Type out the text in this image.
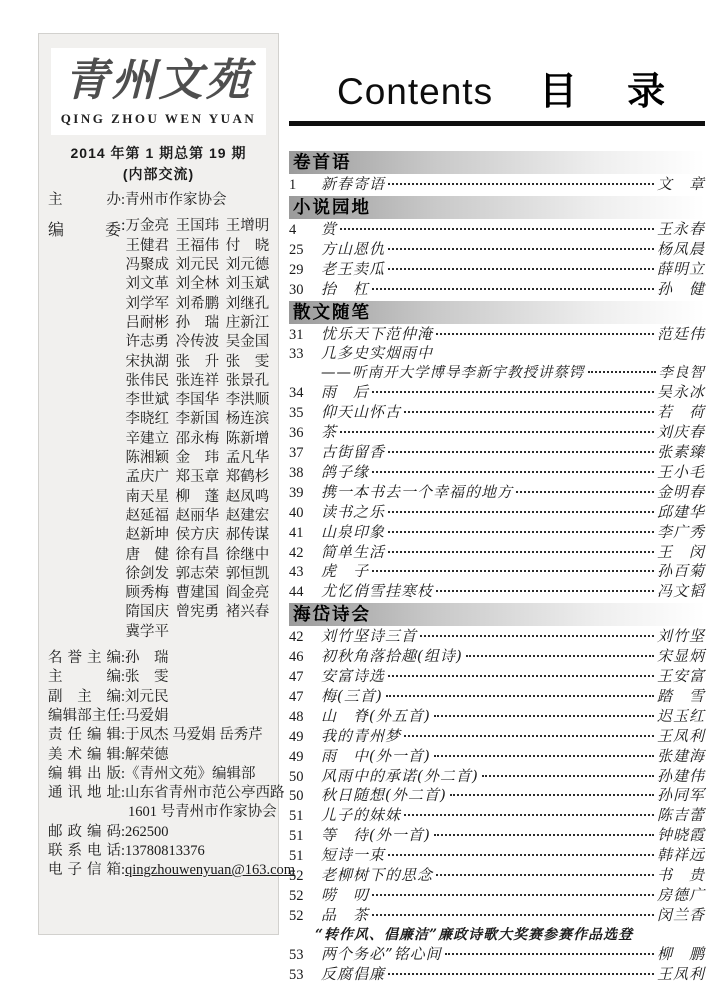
青州文苑
QING ZHOU WEN YUAN
2014 年第 1 期总第 19 期
(内部交流)
主办 : 青州市作家协会
编委 : 万金亮 王国玮 王增明
王健君 王福伟 付　晓
冯聚成 刘元民 刘元德
刘文革 刘全林 刘玉斌
刘学军 刘希鹏 刘继孔
吕耐彬 孙　瑞 庄新江
许志勇 冷传波 吴金国
宋执湖 张　升 张　雯
张伟民 张连祥 张景孔
李世斌 李国华 李洪顺
李晓红 李新国 杨连滨
辛建立 邵永梅 陈新增
陈湘颖 金　玮 孟凡华
孟庆广 郑玉章 郑鹤杉
南天星 柳　蓬 赵凤鸣
赵延福 赵丽华 赵建宏
赵新坤 侯方庆 郝传谋
唐　健 徐有昌 徐继中
徐剑发 郭志荣 郭恒凯
顾秀梅 曹建国 阎金亮
隋国庆 曾宪勇 褚兴春
冀学平
名誉主编 : 孙　瑞
主编 : 张　雯
副主编 : 刘元民
编辑部主任 : 马爱娟
责任编辑 : 于凤杰 马爱娟 岳秀芹
美术编辑 : 解荣德
编辑出版 : 《青州文苑》编辑部
通讯地址 : 山东省青州市范公亭西路
1601 号青州市作家协会
邮政编码 : 262500
联系电话 : 13780813376
电子信箱 : qingzhouwenyuan@163.com
Contents 目　录
卷首语
1	新春寄语	文　章
小说园地
4	赏	王永春
25	方山恩仇	杨凤晨
29	老王卖瓜	薛明立
30	抬　杠	孙　健
散文随笔
31	忧乐天下范仲淹	范廷伟
33	几多史实烟雨中
——听南开大学博导李新宇教授讲蔡锷	李良智
34	雨　后	吴永冰
35	仰天山怀古	若　荷
36	茶	刘庆春
37	古街留香	张素臻
38	鸽子缘	王小毛
39	携一本书去一个幸福的地方	金明春
40	读书之乐	邱建华
41	山泉印象	李广秀
42	简单生活	王　闵
43	虎　子	孙百菊
44	尤忆俏雪挂寒枝	冯文韬
海岱诗会
42	刘竹坚诗三首	刘竹坚
46	初秋角落拾趣(组诗)	宋显炳
47	安富诗选	王安富
47	梅(三首)	踏　雪
48	山　脊(外五首)	迟玉红
49	我的青州梦	王凤利
49	雨　中(外一首)	张建海
50	风雨中的承诺(外二首)	孙建伟
50	秋日随想(外二首)	孙同军
51	儿子的妹妹	陈吉蕾
51	等　待(外一首)	钟晓霞
51	短诗一束	韩祥远
52	老柳树下的思念	书　贵
52	唠　叨	房德广
52	品　茶	闵兰香
“转作风、倡廉洁”廉政诗歌大奖赛参赛作品选登
53	两个务必”铭心间	柳　鹏
53	反腐倡廉	王凤利
